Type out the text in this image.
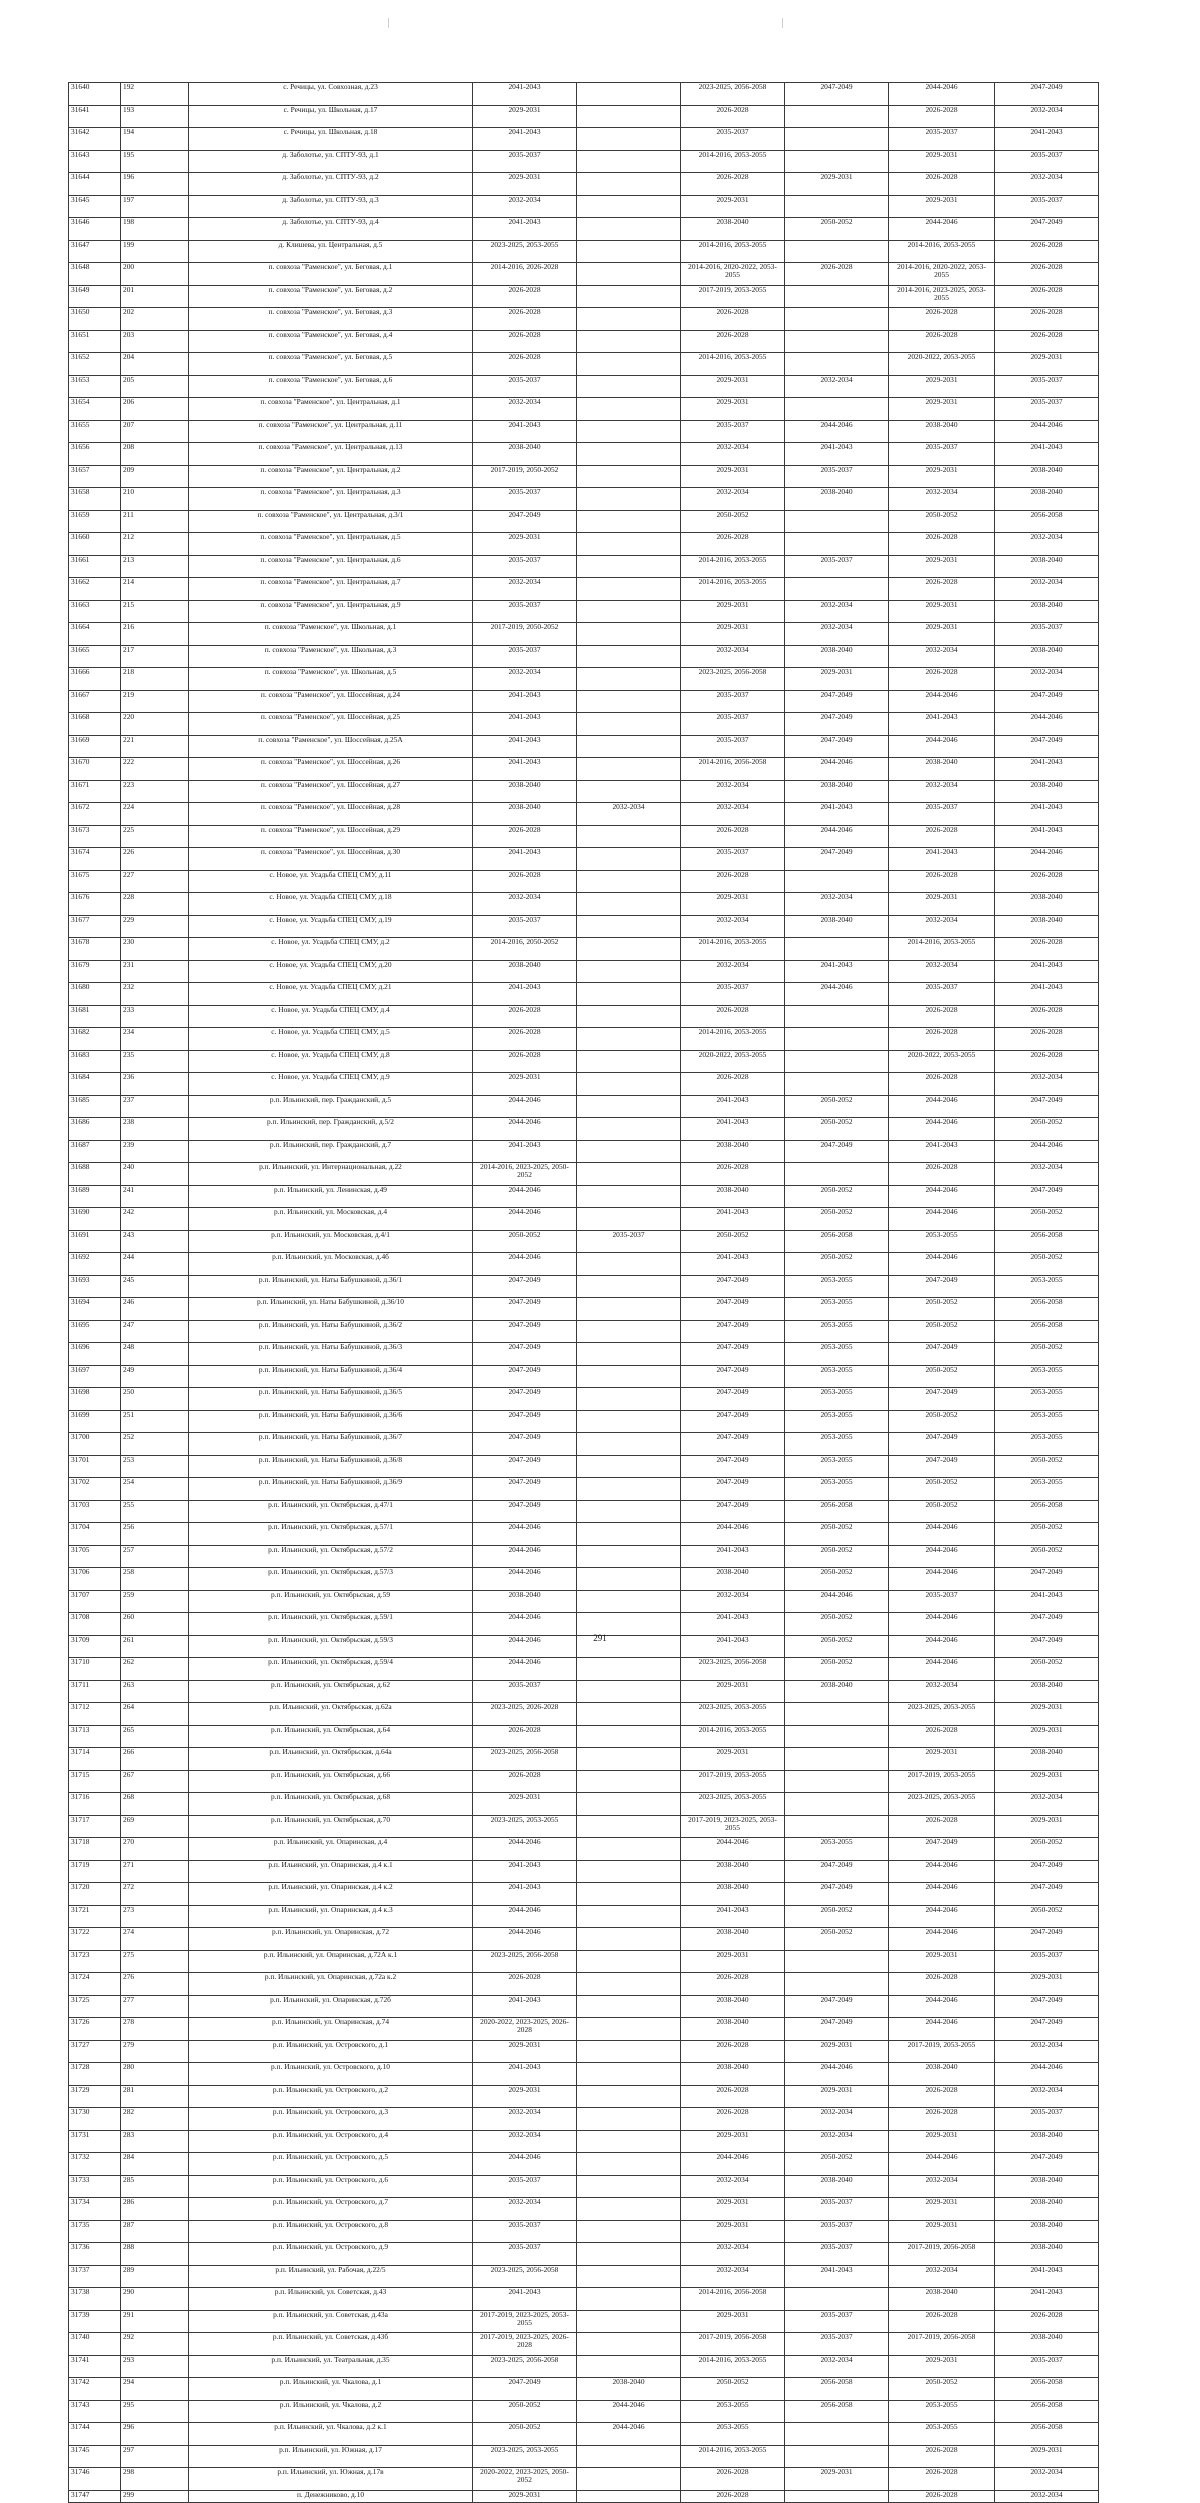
31640	192	с. Речицы, ул. Совхозная, д.23	2041-2043		2023-2025, 2056-2058	2047-2049	2044-2046	2047-2049
31641	193	с. Речицы, ул. Школьная, д.17	2029-2031		2026-2028		2026-2028	2032-2034
31642	194	с. Речицы, ул. Школьная, д.18	2041-2043		2035-2037		2035-2037	2041-2043
31643	195	д. Заболотье, ул. СПТУ-93, д.1	2035-2037		2014-2016, 2053-2055		2029-2031	2035-2037
31644	196	д. Заболотье, ул. СПТУ-93, д.2	2029-2031		2026-2028	2029-2031	2026-2028	2032-2034
31645	197	д. Заболотье, ул. СПТУ-93, д.3	2032-2034		2029-2031		2029-2031	2035-2037
31646	198	д. Заболотье, ул. СПТУ-93, д.4	2041-2043		2038-2040	2050-2052	2044-2046	2047-2049
31647	199	д. Клишева, ул. Центральная, д.5	2023-2025, 2053-2055		2014-2016, 2053-2055		2014-2016, 2053-2055	2026-2028
31648	200	п. совхоза "Раменское", ул. Беговая, д.1	2014-2016, 2026-2028		2014-2016, 2020-2022, 2053-2055	2026-2028	2014-2016, 2020-2022, 2053-2055	2026-2028
31649	201	п. совхоза "Раменское", ул. Беговая, д.2	2026-2028		2017-2019, 2053-2055		2014-2016, 2023-2025, 2053-2055	2026-2028
31650	202	п. совхоза "Раменское", ул. Беговая, д.3	2026-2028		2026-2028		2026-2028	2026-2028
31651	203	п. совхоза "Раменское", ул. Беговая, д.4	2026-2028		2026-2028		2026-2028	2026-2028
31652	204	п. совхоза "Раменское", ул. Беговая, д.5	2026-2028		2014-2016, 2053-2055		2020-2022, 2053-2055	2029-2031
31653	205	п. совхоза "Раменское", ул. Беговая, д.6	2035-2037		2029-2031	2032-2034	2029-2031	2035-2037
31654	206	п. совхоза "Раменское", ул. Центральная, д.1	2032-2034		2029-2031		2029-2031	2035-2037
31655	207	п. совхоза "Раменское", ул. Центральная, д.11	2041-2043		2035-2037	2044-2046	2038-2040	2044-2046
31656	208	п. совхоза "Раменское", ул. Центральная, д.13	2038-2040		2032-2034	2041-2043	2035-2037	2041-2043
31657	209	п. совхоза "Раменское", ул. Центральная, д.2	2017-2019, 2050-2052		2029-2031	2035-2037	2029-2031	2038-2040
31658	210	п. совхоза "Раменское", ул. Центральная, д.3	2035-2037		2032-2034	2038-2040	2032-2034	2038-2040
31659	211	п. совхоза "Раменское", ул. Центральная, д.3/1	2047-2049		2050-2052		2050-2052	2056-2058
31660	212	п. совхоза "Раменское", ул. Центральная, д.5	2029-2031		2026-2028		2026-2028	2032-2034
31661	213	п. совхоза "Раменское", ул. Центральная, д.6	2035-2037		2014-2016, 2053-2055	2035-2037	2029-2031	2038-2040
31662	214	п. совхоза "Раменское", ул. Центральная, д.7	2032-2034		2014-2016, 2053-2055		2026-2028	2032-2034
31663	215	п. совхоза "Раменское", ул. Центральная, д.9	2035-2037		2029-2031	2032-2034	2029-2031	2038-2040
31664	216	п. совхоза "Раменское", ул. Школьная, д.1	2017-2019, 2050-2052		2029-2031	2032-2034	2029-2031	2035-2037
31665	217	п. совхоза "Раменское", ул. Школьная, д.3	2035-2037		2032-2034	2038-2040	2032-2034	2038-2040
31666	218	п. совхоза "Раменское", ул. Школьная, д.5	2032-2034		2023-2025, 2056-2058	2029-2031	2026-2028	2032-2034
31667	219	п. совхоза "Раменское", ул. Шоссейная, д.24	2041-2043		2035-2037	2047-2049	2044-2046	2047-2049
31668	220	п. совхоза "Раменское", ул. Шоссейная, д.25	2041-2043		2035-2037	2047-2049	2041-2043	2044-2046
31669	221	п. совхоза "Раменское", ул. Шоссейная, д.25А	2041-2043		2035-2037	2047-2049	2044-2046	2047-2049
31670	222	п. совхоза "Раменское", ул. Шоссейная, д.26	2041-2043		2014-2016, 2056-2058	2044-2046	2038-2040	2041-2043
31671	223	п. совхоза "Раменское", ул. Шоссейная, д.27	2038-2040		2032-2034	2038-2040	2032-2034	2038-2040
31672	224	п. совхоза "Раменское", ул. Шоссейная, д.28	2038-2040	2032-2034	2032-2034	2041-2043	2035-2037	2041-2043
31673	225	п. совхоза "Раменское", ул. Шоссейная, д.29	2026-2028		2026-2028	2044-2046	2026-2028	2041-2043
31674	226	п. совхоза "Раменское", ул. Шоссейная, д.30	2041-2043		2035-2037	2047-2049	2041-2043	2044-2046
31675	227	с. Новое, ул. Усадьба СПЕЦ СМУ, д.11	2026-2028		2026-2028		2026-2028	2026-2028
31676	228	с. Новое, ул. Усадьба СПЕЦ СМУ, д.18	2032-2034		2029-2031	2032-2034	2029-2031	2038-2040
31677	229	с. Новое, ул. Усадьба СПЕЦ СМУ, д.19	2035-2037		2032-2034	2038-2040	2032-2034	2038-2040
31678	230	с. Новое, ул. Усадьба СПЕЦ СМУ, д.2	2014-2016, 2050-2052		2014-2016, 2053-2055		2014-2016, 2053-2055	2026-2028
31679	231	с. Новое, ул. Усадьба СПЕЦ СМУ, д.20	2038-2040		2032-2034	2041-2043	2032-2034	2041-2043
31680	232	с. Новое, ул. Усадьба СПЕЦ СМУ, д.21	2041-2043		2035-2037	2044-2046	2035-2037	2041-2043
31681	233	с. Новое, ул. Усадьба СПЕЦ СМУ, д.4	2026-2028		2026-2028		2026-2028	2026-2028
31682	234	с. Новое, ул. Усадьба СПЕЦ СМУ, д.5	2026-2028		2014-2016, 2053-2055		2026-2028	2026-2028
31683	235	с. Новое, ул. Усадьба СПЕЦ СМУ, д.8	2026-2028		2020-2022, 2053-2055		2020-2022, 2053-2055	2026-2028
31684	236	с. Новое, ул. Усадьба СПЕЦ СМУ, д.9	2029-2031		2026-2028		2026-2028	2032-2034
31685	237	р.п. Ильинский, пер. Гражданский, д.5	2044-2046		2041-2043	2050-2052	2044-2046	2047-2049
31686	238	р.п. Ильинский, пер. Гражданский, д.5/2	2044-2046		2041-2043	2050-2052	2044-2046	2050-2052
31687	239	р.п. Ильинский, пер. Гражданский, д.7	2041-2043		2038-2040	2047-2049	2041-2043	2044-2046
31688	240	р.п. Ильинский, ул. Интернациональная, д.22	2014-2016, 2023-2025, 2050-2052		2026-2028		2026-2028	2032-2034
31689	241	р.п. Ильинский, ул. Ленинская, д.49	2044-2046		2038-2040	2050-2052	2044-2046	2047-2049
31690	242	р.п. Ильинский, ул. Московская, д.4	2044-2046		2041-2043	2050-2052	2044-2046	2050-2052
31691	243	р.п. Ильинский, ул. Московская, д.4/1	2050-2052	2035-2037	2050-2052	2056-2058	2053-2055	2056-2058
31692	244	р.п. Ильинский, ул. Московская, д.4б	2044-2046		2041-2043	2050-2052	2044-2046	2050-2052
31693	245	р.п. Ильинский, ул. Наты Бабушкиной, д.36/1	2047-2049		2047-2049	2053-2055	2047-2049	2053-2055
31694	246	р.п. Ильинский, ул. Наты Бабушкиной, д.36/10	2047-2049		2047-2049	2053-2055	2050-2052	2056-2058
31695	247	р.п. Ильинский, ул. Наты Бабушкиной, д.36/2	2047-2049		2047-2049	2053-2055	2050-2052	2056-2058
31696	248	р.п. Ильинский, ул. Наты Бабушкиной, д.36/3	2047-2049		2047-2049	2053-2055	2047-2049	2050-2052
31697	249	р.п. Ильинский, ул. Наты Бабушкиной, д.36/4	2047-2049		2047-2049	2053-2055	2050-2052	2053-2055
31698	250	р.п. Ильинский, ул. Наты Бабушкиной, д.36/5	2047-2049		2047-2049	2053-2055	2047-2049	2053-2055
31699	251	р.п. Ильинский, ул. Наты Бабушкиной, д.36/6	2047-2049		2047-2049	2053-2055	2050-2052	2053-2055
31700	252	р.п. Ильинский, ул. Наты Бабушкиной, д.36/7	2047-2049		2047-2049	2053-2055	2047-2049	2053-2055
31701	253	р.п. Ильинский, ул. Наты Бабушкиной, д.36/8	2047-2049		2047-2049	2053-2055	2047-2049	2050-2052
31702	254	р.п. Ильинский, ул. Наты Бабушкиной, д.36/9	2047-2049		2047-2049	2053-2055	2050-2052	2053-2055
31703	255	р.п. Ильинский, ул. Октябрьская, д.47/1	2047-2049		2047-2049	2056-2058	2050-2052	2056-2058
31704	256	р.п. Ильинский, ул. Октябрьская, д.57/1	2044-2046		2044-2046	2050-2052	2044-2046	2050-2052
31705	257	р.п. Ильинский, ул. Октябрьская, д.57/2	2044-2046		2041-2043	2050-2052	2044-2046	2050-2052
31706	258	р.п. Ильинский, ул. Октябрьская, д.57/3	2044-2046		2038-2040	2050-2052	2044-2046	2047-2049
31707	259	р.п. Ильинский, ул. Октябрьская, д.59	2038-2040		2032-2034	2044-2046	2035-2037	2041-2043
31708	260	р.п. Ильинский, ул. Октябрьская, д.59/1	2044-2046		2041-2043	2050-2052	2044-2046	2047-2049
31709	261	р.п. Ильинский, ул. Октябрьская, д.59/3	2044-2046		2041-2043	2050-2052	2044-2046	2047-2049
31710	262	р.п. Ильинский, ул. Октябрьская, д.59/4	2044-2046		2023-2025, 2056-2058	2050-2052	2044-2046	2050-2052
31711	263	р.п. Ильинский, ул. Октябрьская, д.62	2035-2037		2029-2031	2038-2040	2032-2034	2038-2040
31712	264	р.п. Ильинский, ул. Октябрьская, д.62а	2023-2025, 2026-2028		2023-2025, 2053-2055		2023-2025, 2053-2055	2029-2031
31713	265	р.п. Ильинский, ул. Октябрьская, д.64	2026-2028		2014-2016, 2053-2055		2026-2028	2029-2031
31714	266	р.п. Ильинский, ул. Октябрьская, д.64а	2023-2025, 2056-2058		2029-2031		2029-2031	2038-2040
31715	267	р.п. Ильинский, ул. Октябрьская, д.66	2026-2028		2017-2019, 2053-2055		2017-2019, 2053-2055	2029-2031
31716	268	р.п. Ильинский, ул. Октябрьская, д.68	2029-2031		2023-2025, 2053-2055		2023-2025, 2053-2055	2032-2034
31717	269	р.п. Ильинский, ул. Октябрьская, д.70	2023-2025, 2053-2055		2017-2019, 2023-2025, 2053-2055		2026-2028	2029-2031
31718	270	р.п. Ильинский, ул. Опаринская, д.4	2044-2046		2044-2046	2053-2055	2047-2049	2050-2052
31719	271	р.п. Ильинский, ул. Опаринская, д.4 к.1	2041-2043		2038-2040	2047-2049	2044-2046	2047-2049
31720	272	р.п. Ильинский, ул. Опаринская, д.4 к.2	2041-2043		2038-2040	2047-2049	2044-2046	2047-2049
31721	273	р.п. Ильинский, ул. Опаринская, д.4 к.3	2044-2046		2041-2043	2050-2052	2044-2046	2050-2052
31722	274	р.п. Ильинский, ул. Опаринская, д.72	2044-2046		2038-2040	2050-2052	2044-2046	2047-2049
31723	275	р.п. Ильинский, ул. Опаринская, д.72А к.1	2023-2025, 2056-2058		2029-2031		2029-2031	2035-2037
31724	276	р.п. Ильинский, ул. Опаринская, д.72а к.2	2026-2028		2026-2028		2026-2028	2029-2031
31725	277	р.п. Ильинский, ул. Опаринская, д.72б	2041-2043		2038-2040	2047-2049	2044-2046	2047-2049
31726	278	р.п. Ильинский, ул. Опаринская, д.74	2020-2022, 2023-2025, 2026-2028		2038-2040	2047-2049	2044-2046	2047-2049
31727	279	р.п. Ильинский, ул. Островского, д.1	2029-2031		2026-2028	2029-2031	2017-2019, 2053-2055	2032-2034
31728	280	р.п. Ильинский, ул. Островского, д.10	2041-2043		2038-2040	2044-2046	2038-2040	2044-2046
31729	281	р.п. Ильинский, ул. Островского, д.2	2029-2031		2026-2028	2029-2031	2026-2028	2032-2034
31730	282	р.п. Ильинский, ул. Островского, д.3	2032-2034		2026-2028	2032-2034	2026-2028	2035-2037
31731	283	р.п. Ильинский, ул. Островского, д.4	2032-2034		2029-2031	2032-2034	2029-2031	2038-2040
31732	284	р.п. Ильинский, ул. Островского, д.5	2044-2046		2044-2046	2050-2052	2044-2046	2047-2049
31733	285	р.п. Ильинский, ул. Островского, д.6	2035-2037		2032-2034	2038-2040	2032-2034	2038-2040
31734	286	р.п. Ильинский, ул. Островского, д.7	2032-2034		2029-2031	2035-2037	2029-2031	2038-2040
31735	287	р.п. Ильинский, ул. Островского, д.8	2035-2037		2029-2031	2035-2037	2029-2031	2038-2040
31736	288	р.п. Ильинский, ул. Островского, д.9	2035-2037		2032-2034	2035-2037	2017-2019, 2056-2058	2038-2040
31737	289	р.п. Ильинский, ул. Рабочая, д.22/5	2023-2025, 2056-2058		2032-2034	2041-2043	2032-2034	2041-2043
31738	290	р.п. Ильинский, ул. Советская, д.43	2041-2043		2014-2016, 2056-2058		2038-2040	2041-2043
31739	291	р.п. Ильинский, ул. Советская, д.43а	2017-2019, 2023-2025, 2053-2055		2029-2031	2035-2037	2026-2028	2026-2028
31740	292	р.п. Ильинский, ул. Советская, д.43б	2017-2019, 2023-2025, 2026-2028		2017-2019, 2056-2058	2035-2037	2017-2019, 2056-2058	2038-2040
31741	293	р.п. Ильинский, ул. Театральная, д.35	2023-2025, 2056-2058		2014-2016, 2053-2055	2032-2034	2029-2031	2035-2037
31742	294	р.п. Ильинский, ул. Чкалова, д.1	2047-2049	2038-2040	2050-2052	2056-2058	2050-2052	2056-2058
31743	295	р.п. Ильинский, ул. Чкалова, д.2	2050-2052	2044-2046	2053-2055	2056-2058	2053-2055	2056-2058
31744	296	р.п. Ильинский, ул. Чкалова, д.2 к.1	2050-2052	2044-2046	2053-2055		2053-2055	2056-2058
31745	297	р.п. Ильинский, ул. Южная, д.17	2023-2025, 2053-2055		2014-2016, 2053-2055		2026-2028	2029-2031
31746	298	р.п. Ильинский, ул. Южная, д.17в	2020-2022, 2023-2025, 2050-2052		2026-2028	2029-2031	2026-2028	2032-2034
31747	299	п. Денежниково, д.10	2029-2031		2026-2028		2026-2028	2032-2034
291
